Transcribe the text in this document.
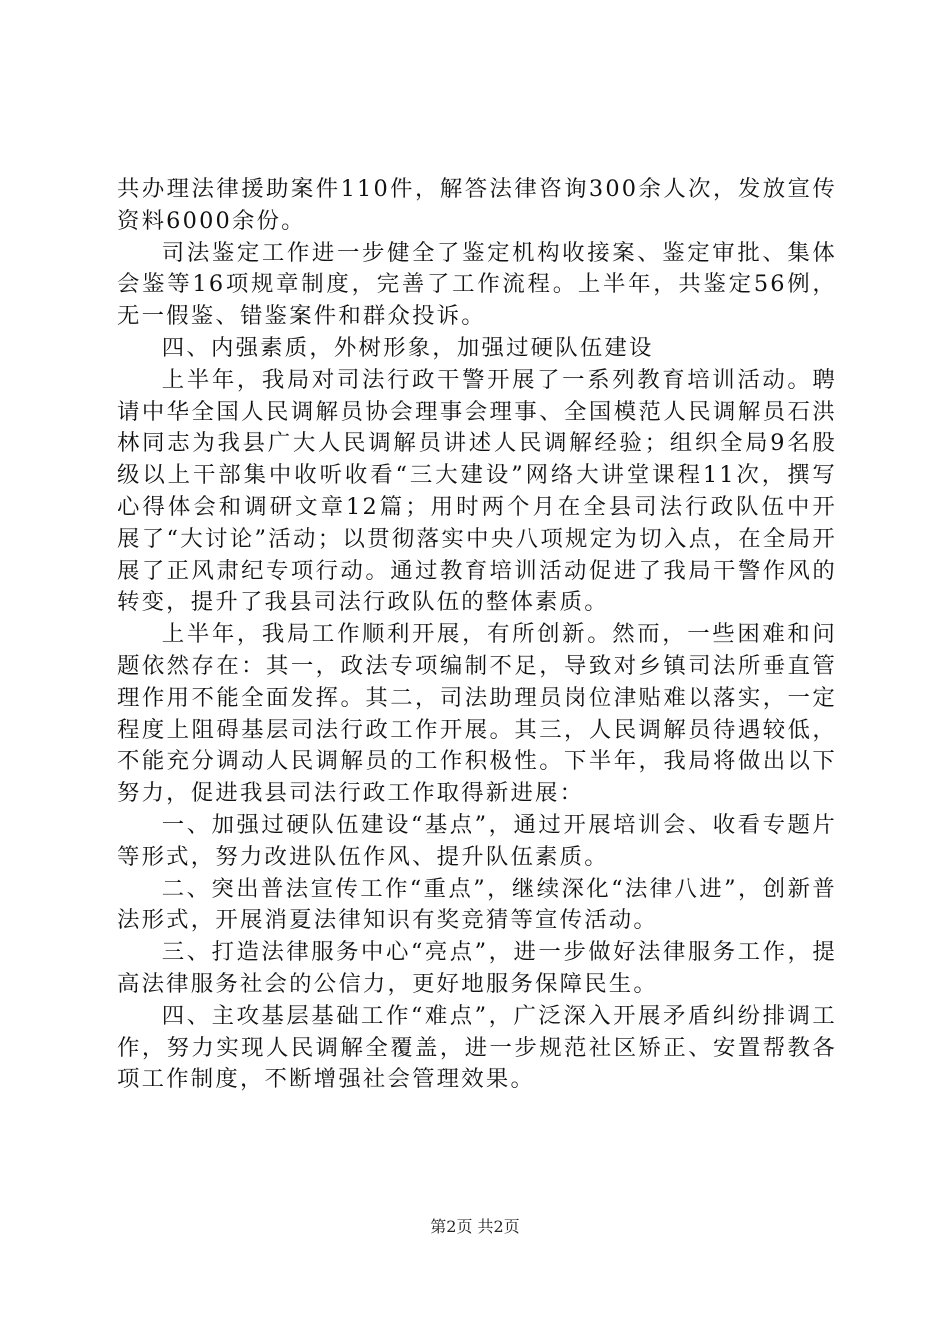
共办理法律援助案件110件，解答法律咨询300余人次，发放宣传资料6000余份。

司法鉴定工作进一步健全了鉴定机构收接案、鉴定审批、集体会鉴等16项规章制度，完善了工作流程。上半年，共鉴定56例，无一假鉴、错鉴案件和群众投诉。

四、内强素质，外树形象，加强过硬队伍建设

上半年，我局对司法行政干警开展了一系列教育培训活动。聘请中华全国人民调解员协会理事会理事、全国模范人民调解员石洪林同志为我县广大人民调解员讲述人民调解经验；组织全局9名股级以上干部集中收听收看“三大建设”网络大讲堂课程11次，撰写心得体会和调研文章12篇；用时两个月在全县司法行政队伍中开展了“大讨论”活动；以贯彻落实中央八项规定为切入点，在全局开展了正风肃纪专项行动。通过教育培训活动促进了我局干警作风的转变，提升了我县司法行政队伍的整体素质。

上半年，我局工作顺利开展，有所创新。然而，一些困难和问题依然存在：其一，政法专项编制不足，导致对乡镇司法所垂直管理作用不能全面发挥。其二，司法助理员岗位津贴难以落实，一定程度上阻碍基层司法行政工作开展。其三，人民调解员待遇较低，不能充分调动人民调解员的工作积极性。下半年，我局将做出以下努力，促进我县司法行政工作取得新进展：

一、加强过硬队伍建设“基点”，通过开展培训会、收看专题片等形式，努力改进队伍作风、提升队伍素质。

二、突出普法宣传工作“重点”，继续深化“法律八进”，创新普法形式，开展消夏法律知识有奖竞猜等宣传活动。

三、打造法律服务中心“亮点”，进一步做好法律服务工作，提高法律服务社会的公信力，更好地服务保障民生。

四、主攻基层基础工作“难点”，广泛深入开展矛盾纠纷排调工作，努力实现人民调解全覆盖，进一步规范社区矫正、安置帮教各项工作制度，不断增强社会管理效果。

第2页 共2页
